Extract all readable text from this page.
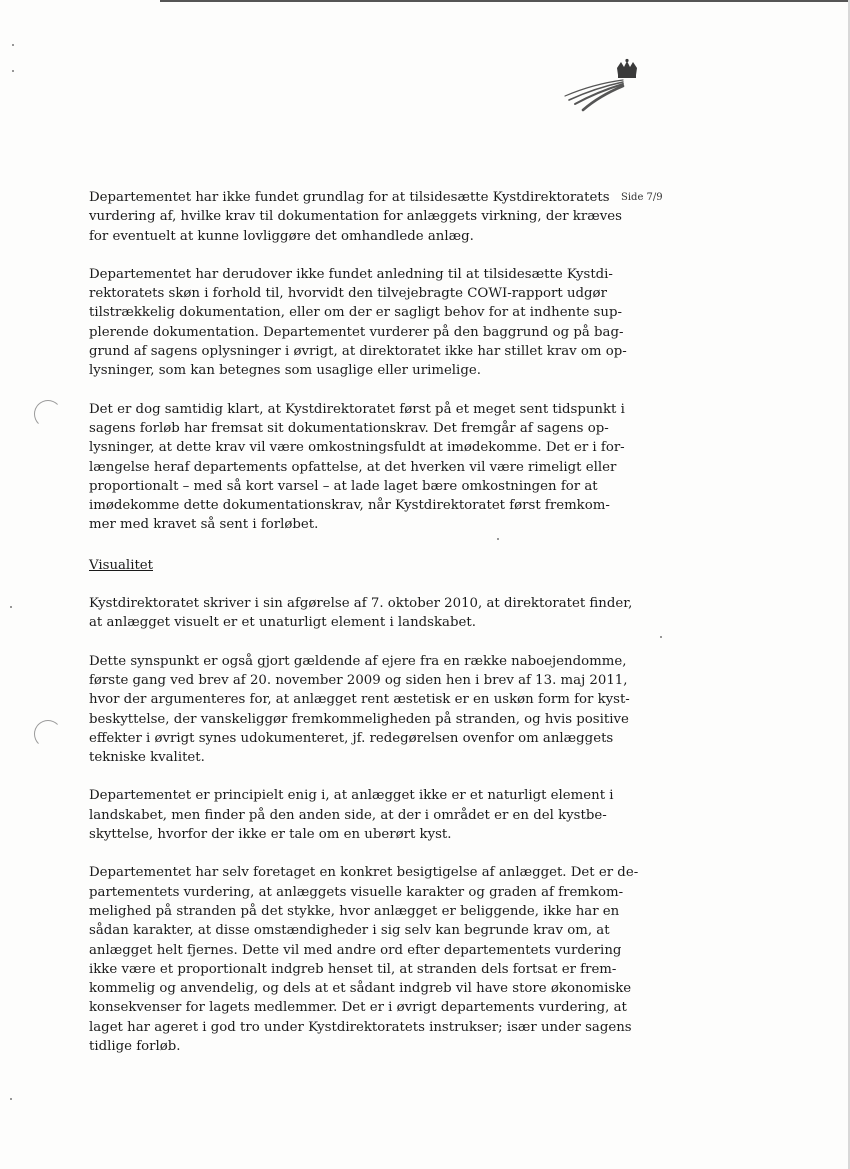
Side 7/9

Departementet har ikke fundet grundlag for at tilsidesætte Kystdirektoratets
vurdering af, hvilke krav til dokumentation for anlæggets virkning, der kræves
for eventuelt at kunne lovliggøre det omhandlede anlæg.

Departementet har derudover ikke fundet anledning til at tilsidesætte Kystdi-
rektoratets skøn i forhold til, hvorvidt den tilvejebragte COWI-rapport udgør
tilstrækkelig dokumentation, eller om der er sagligt behov for at indhente sup-
plerende dokumentation. Departementet vurderer på den baggrund og på bag-
grund af sagens oplysninger i øvrigt, at direktoratet ikke har stillet krav om op-
lysninger, som kan betegnes som usaglige eller urimelige.

Det er dog samtidig klart, at Kystdirektoratet først på et meget sent tidspunkt i
sagens forløb har fremsat sit dokumentationskrav. Det fremgår af sagens op-
lysninger, at dette krav vil være omkostningsfuldt at imødekomme. Det er i for-
længelse heraf departements opfattelse, at det hverken vil være rimeligt eller
proportionalt – med så kort varsel – at lade laget bære omkostningen for at
imødekomme dette dokumentationskrav, når Kystdirektoratet først fremkom-
mer med kravet så sent i forløbet.

Visualitet

Kystdirektoratet skriver i sin afgørelse af 7. oktober 2010, at direktoratet finder,
at anlægget visuelt er et unaturligt element i landskabet.

Dette synspunkt er også gjort gældende af ejere fra en række naboejendomme,
første gang ved brev af 20. november 2009 og siden hen i brev af 13. maj 2011,
hvor der argumenteres for, at anlægget rent æstetisk er en uskøn form for kyst-
beskyttelse, der vanskeliggør fremkommeligheden på stranden, og hvis positive
effekter i øvrigt synes udokumenteret, jf. redegørelsen ovenfor om anlæggets
tekniske kvalitet.

Departementet er principielt enig i, at anlægget ikke er et naturligt element i
landskabet, men finder på den anden side, at der i området er en del kystbe-
skyttelse, hvorfor der ikke er tale om en uberørt kyst.

Departementet har selv foretaget en konkret besigtigelse af anlægget. Det er de-
partementets vurdering, at anlæggets visuelle karakter og graden af fremkom-
melighed på stranden på det stykke, hvor anlægget er beliggende, ikke har en
sådan karakter, at disse omstændigheder i sig selv kan begrunde krav om, at
anlægget helt fjernes. Dette vil med andre ord efter departementets vurdering
ikke være et proportionalt indgreb henset til, at stranden dels fortsat er frem-
kommelig og anvendelig, og dels at et sådant indgreb vil have store økonomiske
konsekvenser for lagets medlemmer. Det er i øvrigt departements vurdering, at
laget har ageret i god tro under Kystdirektoratets instrukser; især under sagens
tidlige forløb.
